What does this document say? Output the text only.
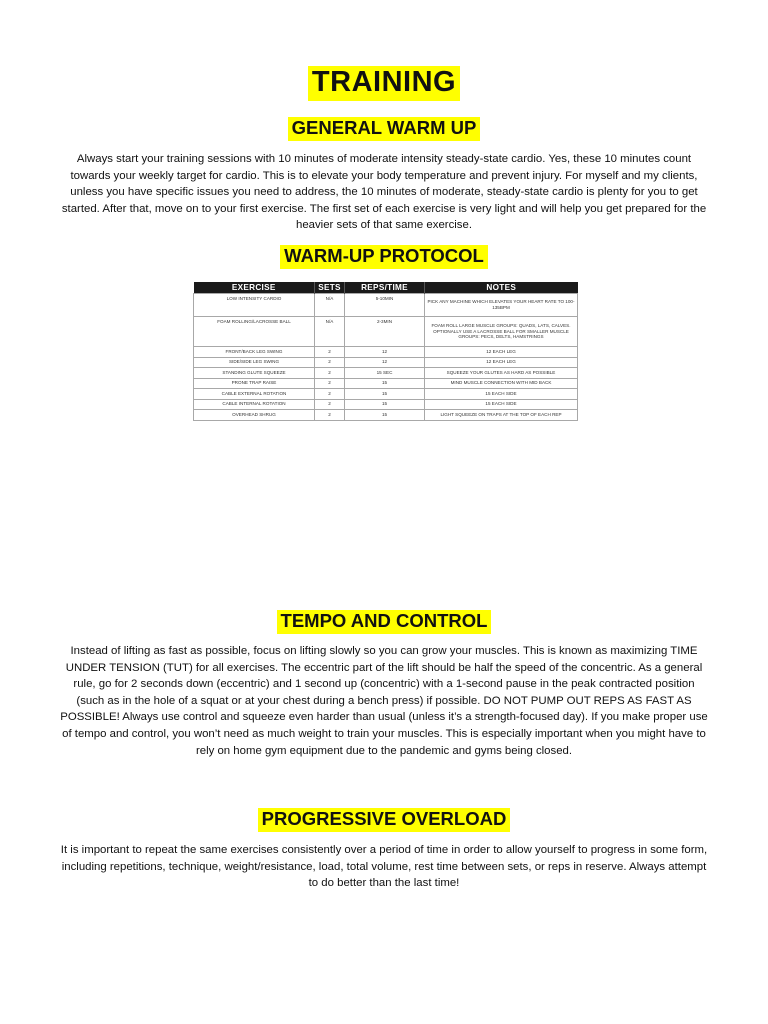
TRAINING
GENERAL WARM UP
Always start your training sessions with 10 minutes of moderate intensity steady-state cardio. Yes, these 10 minutes count towards your weekly target for cardio. This is to elevate your body temperature and prevent injury. For myself and my clients, unless you have specific issues you need to address, the 10 minutes of moderate, steady-state cardio is plenty for you to get started. After that, move on to your first exercise. The first set of each exercise is very light and will help you get prepared for the heavier sets of that same exercise.
WARM-UP PROTOCOL
EXERCISE	SETS	REPS/TIME	NOTES
LOW INTENSITY CARDIO	N/A	5-10MIN	PICK ANY MACHINE WHICH ELEVATES YOUR HEART RATE TO 100-135BPM
FOAM ROLLING/LACROSSE BALL	N/A	2-3MIN	FOAM ROLL LARGE MUSCLE GROUPS: QUADS, LATS, CALVES. OPTIONALLY USE A LACROSSE BALL FOR SMALLER MUSCLE GROUPS: PECS, DELTS, HAMSTRINGS
FRONT/BACK LEG SWING	2	12	12 EACH LEG
SIDE/SIDE LEG SWING	2	12	12 EACH LEG
STANDING GLUTE SQUEEZE	2	15 SEC	SQUEEZE YOUR GLUTES AS HARD AS POSSIBLE
PRONE TRAP RAISE	2	15	MIND MUSCLE CONNECTION WITH MID BACK
CABLE EXTERNAL ROTATION	2	15	15 EACH SIDE
CABLE INTERNAL ROTATION	2	15	15 EACH SIDE
OVERHEAD SHRUG	2	15	LIGHT SQUEEZE ON TRAPS AT THE TOP OF EACH REP
TEMPO AND CONTROL
Instead of lifting as fast as possible, focus on lifting slowly so you can grow your muscles. This is known as maximizing TIME UNDER TENSION (TUT) for all exercises. The eccentric part of the lift should be half the speed of the concentric. As a general rule, go for 2 seconds down (eccentric) and 1 second up (concentric) with a 1-second pause in the peak contracted position (such as in the hole of a squat or at your chest during a bench press) if possible. DO NOT PUMP OUT REPS AS FAST AS POSSIBLE! Always use control and squeeze even harder than usual (unless it’s a strength-focused day). If you make proper use of tempo and control, you won’t need as much weight to train your muscles. This is especially important when you might have to rely on home gym equipment due to the pandemic and gyms being closed.
PROGRESSIVE OVERLOAD
It is important to repeat the same exercises consistently over a period of time in order to allow yourself to progress in some form, including repetitions, technique, weight/resistance, load, total volume, rest time between sets, or reps in reserve. Always attempt to do better than the last time!
